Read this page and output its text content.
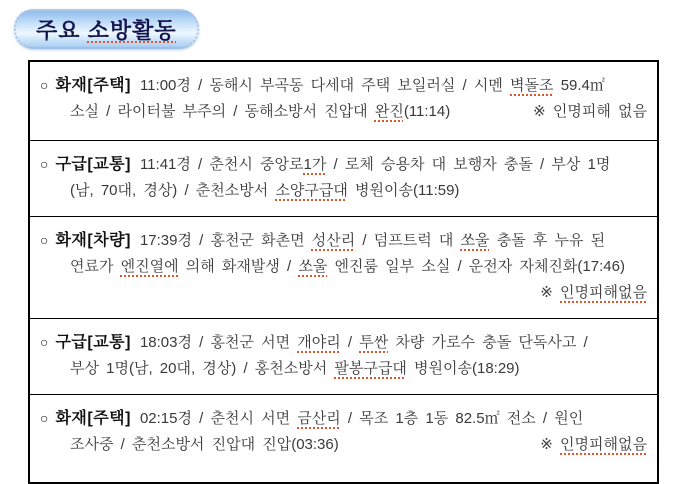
주요 소방활동
○ 화재[주택] 11:00경 / 동해시 부곡동 다세대 주택 보일러실 / 시멘 벽돌조 59.4㎡
소실 / 라이터불 부주의 / 동해소방서 진압대 완진(11:14)	※ 인명피해 없음
○ 구급[교통] 11:41경 / 춘천시 중앙로1가 / 로체 승용차 대 보행자 충돌 / 부상 1명
(남, 70대, 경상) / 춘천소방서 소양구급대 병원이송(11:59)
○ 화재[차량] 17:39경 / 홍천군 화촌면 성산리 / 덤프트럭 대 쏘울 충돌 후 누유 된
연료가 엔진열에 의해 화재발생 / 쏘울 엔진룸 일부 소실 / 운전자 자체진화(17:46)
※ 인명피해없음
○ 구급[교통] 18:03경 / 홍천군 서면 개야리 / 투싼 차량 가로수 충돌 단독사고 /
부상 1명(남, 20대, 경상) / 홍천소방서 팔봉구급대 병원이송(18:29)
○ 화재[주택] 02:15경 / 춘천시 서면 금산리 / 목조 1층 1동 82.5㎡ 전소 / 원인
조사중 / 춘천소방서 진압대 진압(03:36)	※ 인명피해없음
